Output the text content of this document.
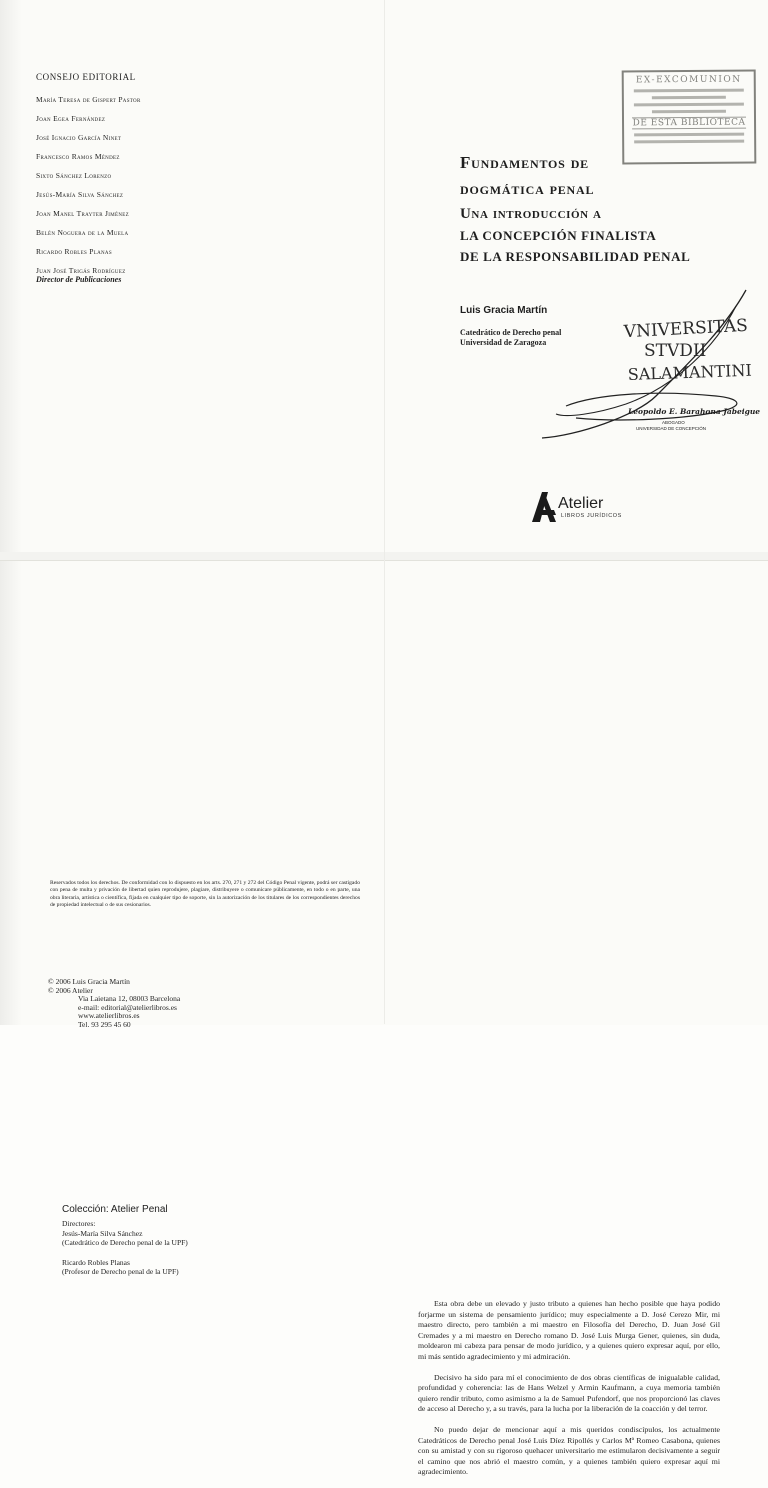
CONSEJO EDITORIAL
María Teresa de Gispert Pastor
Joan Egea Fernández
José Ignacio García Ninet
Francesco Ramos Méndez
Sixto Sánchez Lorenzo
Jesús-María Silva Sánchez
Joan Manel Trayter Jiménez
Belén Noguera de la Muela
Ricardo Robles Planas
Juan José Trigás Rodríguez
Director de Publicaciones
EX-EXCOMUNION
DE ESTA BIBLIOTECA
Fundamentos de
dogmática penal
Una introducción a
LA CONCEPCIÓN FINALISTA
DE LA RESPONSABILIDAD PENAL
Luis Gracia Martín
Catedrático de Derecho penal
Universidad de Zaragoza
VNIVERSITAS
STVDII
SALAMANTINI
Leopoldo E. Barahona Jabeigue
ABOGADO
UNIVERSIDAD DE CONCEPCIÓN
Atelier
LIBROS JURÍDICOS
Colección: Atelier Penal
Directores:
Jesús-María Silva Sánchez
(Catedrático de Derecho penal de la UPF)
Ricardo Robles Planas
(Profesor de Derecho penal de la UPF)

Esta obra debe un elevado y justo tributo a quienes han hecho posible que haya podido forjarme un sistema de pensamiento jurídico; muy especialmente a D. José Cerezo Mir, mi maestro directo, pero también a mi maestro en Filosofía del Derecho, D. Juan José Gil Cremades y a mi maestro en Derecho romano D. José Luis Murga Gener, quienes, sin duda, moldearon mi cabeza para pensar de modo jurídico, y a quienes quiero expresar aquí, por ello, mi más sentido agradecimiento y mi admiración.

Decisivo ha sido para mí el conocimiento de dos obras científicas de inigualable calidad, profundidad y coherencia: las de Hans Welzel y Armin Kaufmann, a cuya memoria también quiero rendir tributo, como asimismo a la de Samuel Pufendorf, que nos proporcionó las claves de acceso al Derecho y, a su través, para la lucha por la liberación de la coacción y del terror.

No puedo dejar de mencionar aquí a mis queridos condiscípulos, los actualmente Catedráticos de Derecho penal José Luis Díez Ripollés y Carlos Mª Romeo Casabona, quienes con su amistad y con su rigoroso quehacer universitario me estimularon decisivamente a seguir el camino que nos abrió el maestro común, y a quienes también quiero expresar aquí mi agradecimiento.

Reservados todos los derechos. De conformidad con lo dispuesto en los arts. 270, 271 y 272 del Código Penal vigente, podrá ser castigado con pena de multa y privación de libertad quien reprodujere, plagiare, distribuyere o comunicare públicamente, en todo o en parte, una obra literaria, artística o científica, fijada en cualquier tipo de soporte, sin la autorización de los titulares de los correspondientes derechos de propiedad intelectual o de sus cesionarios.
© 2006 Luis Gracia Martín
© 2006 Atelier
Via Laietana 12, 08003 Barcelona
e-mail: editorial@atelierlibros.es
www.atelierlibros.es
Tel. 93 295 45 60
